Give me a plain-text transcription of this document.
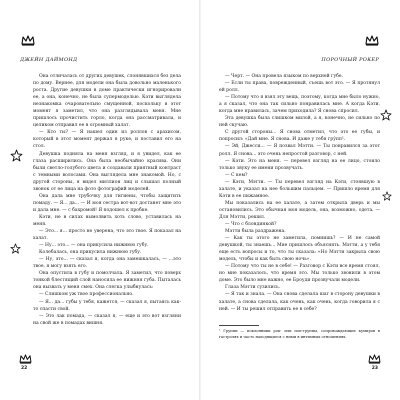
ДЖЕЙН ДАЙМОНД

Она отличалась от других девушек, слонявшихся без дела по дому. Вернее, для модели она была довольно маленького роста. Другие девушки в доме практически игнорировали ее, а она, конечно, не была супермоделью. Кэти выглядела незнакомка очаровательно смущенной, поскольку в этот момент я заметил, что она разглядывала меня. Мне пришлось прочистить горло, когда она рассматривала, и целиком отправил ее в огромный халат.

— Кто ты? — Я нашел один из роллов с арахисом, который в этот момент держал в руке, и поставил его на стол.

Девушка подняла на меня взгляд, и я увидел, как ее глаза расширились. Она была необычайно красива. Они были светло-голубого цвета и создавали приятный контраст с темными волосами. Она выглядела мне знакомой. Но, с другой стороны, я видел миллион лиц и слышал полный звонок от ее лица на фото фотографий моделей.

Она дала мне трубочку для гигиены, чтобы защитить помаду. — Я... да... — И моя сестра вот-вот достанет мне это и дала мне. — с бахромой! Я подошел к пробке.

Кэти, не в силах вымолвить хоть слово, уставилась на меня.

— Это... я... просто не уверена, что это твое. Я показал на халат.

— Ну... это... — она прикусила нижнюю губу.

Колебалась, она прикусила нижнюю губу.

— Ну, это... — сказал я, когда она замешкалась, — ...это твое, я могу взять его.

Она опустила в губу и помолчала. Я заметил, что поверх тонкой блестящий слой наносила ее нижняя губа. Пыталась она вызвать у меня смех. Она слегка улыбнулась:

— Слишком уж твое профессионально.

— Я... да... губы у тебя, кажется, — сказал я, пытаясь как-то спасти свой.

— Это лак помада, — сказал я, — еще и это вот взгляни на свой же в помадах вишня.

22
ПОРОЧНЫЙ РОКЕР

— Черт. — Она провела языком по верхней губе.

— Если ты права, поврежденный, съешь вот это. — Я протянул ей ролл.

— Потому что я взял эту вещь, поэтому, когда мне было нужно, а я сказал, что она так сильно понравилась мне. А когда Кэти, когда мне нравилась, зачем приходила? Я снова спросил.

Эта девушка была слишком милой, а я, конечно, не сильно по ней скучаю.

С другой стороны... Я снова отметил, что это ее губы, и попросил: «Дай мне. Я снова. И даже у тебя гру́пп¹.

— Эй, Джесси... — Я позвал Мэтти. — Ты понравился за этот ролл. Я снова... это очень непростой разговор, с ней.

— Кэти. Это на меня. — перевел взгляд на ее лицо, стоило только звуку ее имени прозвучать.

— С кем?

— Кэти, Мэтти. — Ты перевел взгляд на Кэти, стоявшую в халате, и указал на нее большим пальцем. — Пришло время для Кэти в ее пижамное.

Мы показались на ее халате, а затем открыла дверь и мы остановились. Это обычная моя модель, она, возможно, одета. — Для Мэтти, решил.

— Что с блондинкой?

Мэтти была раздражена.

— Как ты этого не заметила, помнишь? — И не самой девушкой, ты знаешь... Мне пришлось объяснять. Мэтти, а у тебя еще есть вопросы и то, что ты сказала: «Но Мэтти закрыла свою модель, чтобы и как быть свою ночь».

— Потому что ты не в себе! — Разговор с Кэти все время стоял, но мне показалось, что время это. Мы только звонили в этом доме. Это было мне важно, ее Броуди прозвучали модели.

Глаза Мэтти сузились.

— Я так и знала. — Она снова сделала шаг в сторону девушки в халате, а снова сделала, как очень, как очень, когда говорила я с ней. — И ты решил отправить ее в себе?

¹ Группи — поклонники рок- или поп-группы, сопровождающие кумиров в гастролях и часто находящиеся с ними в интимных отношениях.
23
